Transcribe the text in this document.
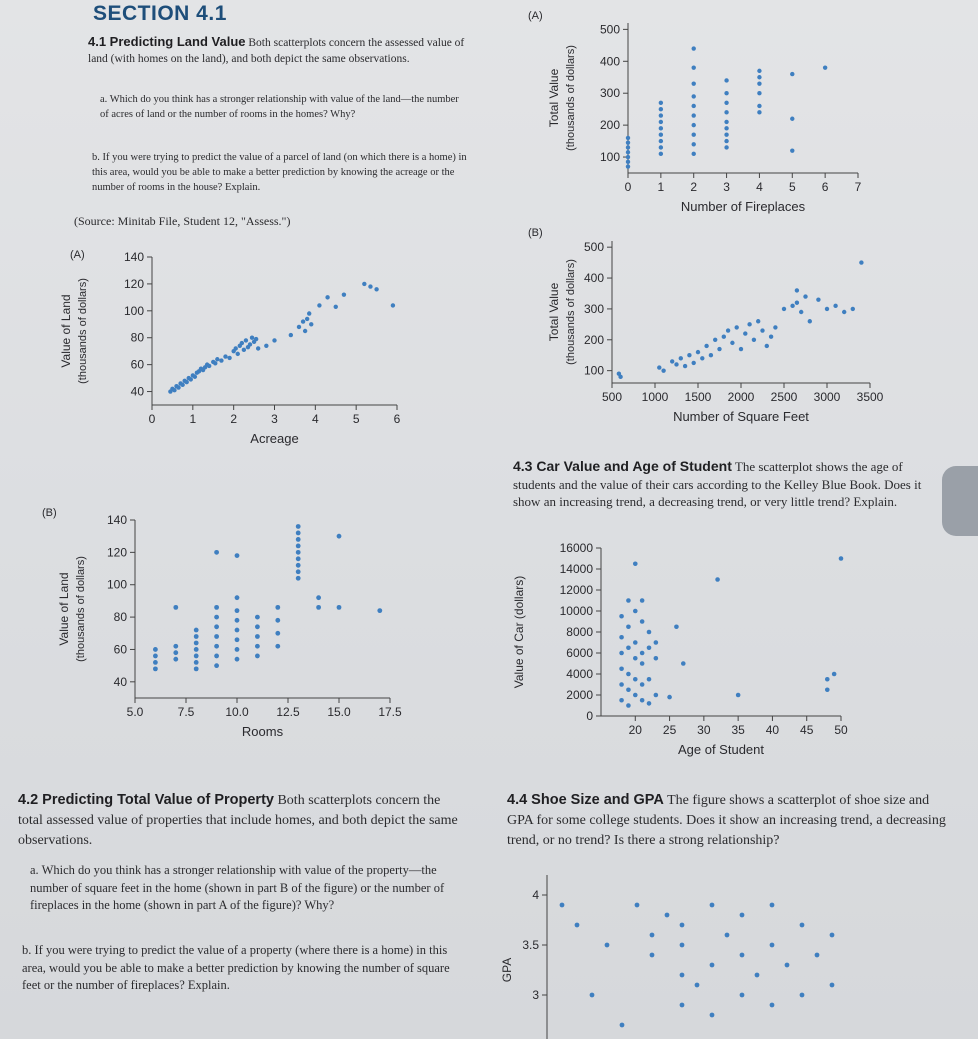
SECTION 4.1
4.1 Predicting Land Value Both scatterplots concern the assessed value of land (with homes on the land), and both depict the same observations.
a. Which do you think has a stronger relationship with value of the land—the number of acres of land or the number of rooms in the homes? Why?
b. If you were trying to predict the value of a parcel of land (on which there is a home) in this area, would you be able to make a better prediction by knowing the acreage or the number of rooms in the house? Explain.
(Source: Minitab File, Student 12, "Assess.")
40
60
80
100
120
140
0	1	2	3	4	5	6
Acreage
Value of Land (thousands of dollars)
(A)
40
60
80
100
120
140
5.0	7.5	10.0 12.5 15.0 17.5
Rooms
Value of Land (thousands of dollars)
(B)
4.2 Predicting Total Value of Property Both scatterplots concern the total assessed value of properties that include homes, and both depict the same observations.
a. Which do you think has a stronger relationship with value of the property—the number of square feet in the home (shown in part B of the figure) or the number of fireplaces in the home (shown in part A of the figure)? Why?
b. If you were trying to predict the value of a property (where there is a home) in this area, would you be able to make a better prediction by knowing the number of square feet or the number of fireplaces? Explain.
100
200
300
400
500
0 1 2 3 4 5 6 7
Number of Fireplaces
Total Value (thousands of dollars)
(A)
100
200
300
400
500
500 1000 1500 2000 2500 3000 3500
Number of Square Feet
Total Value (thousands of dollars)
(B)
4.3 Car Value and Age of Student The scatterplot shows the age of students and the value of their cars according to the Kelley Blue Book. Does it show an increasing trend, a decreasing trend, or very little trend? Explain.
0
2000
4000
6000
8000
10000
12000
14000
16000
20 25 30 35 40 45 50
Age of Student
Value of Car (dollars)
4.4 Shoe Size and GPA The figure shows a scatterplot of shoe size and GPA for some college students. Does it show an increasing trend, a decreasing trend, or no trend? Is there a strong relationship?
3
3.5
4
GPA
